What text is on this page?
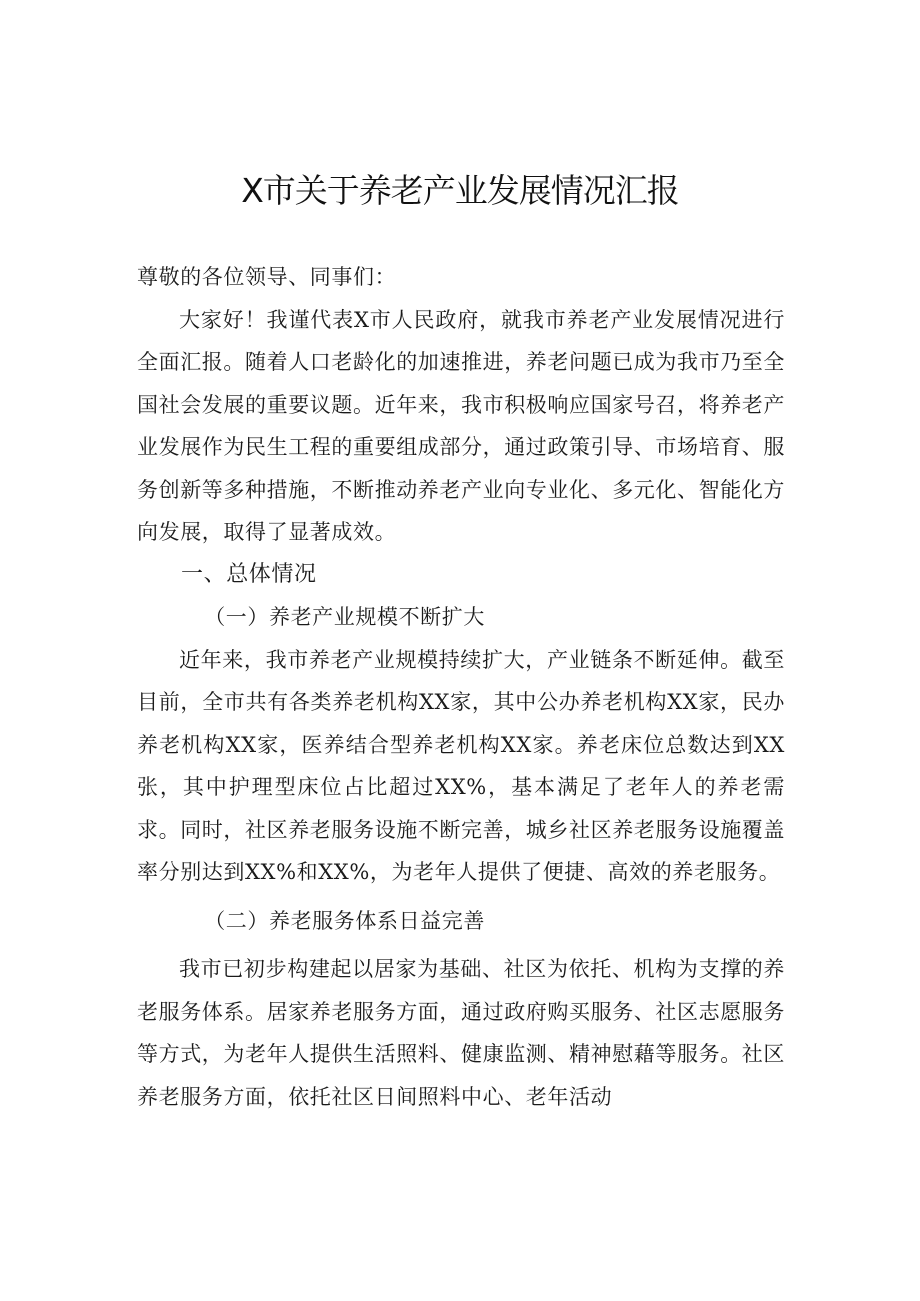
X市关于养老产业发展情况汇报

尊敬的各位领导、同事们：

大家好！我谨代表X市人民政府，就我市养老产业发展情况进行全面汇报。随着人口老龄化的加速推进，养老问题已成为我市乃至全国社会发展的重要议题。近年来，我市积极响应国家号召，将养老产业发展作为民生工程的重要组成部分，通过政策引导、市场培育、服务创新等多种措施，不断推动养老产业向专业化、多元化、智能化方向发展，取得了显著成效。

一、总体情况

（一）养老产业规模不断扩大

近年来，我市养老产业规模持续扩大，产业链条不断延伸。截至目前，全市共有各类养老机构XX家，其中公办养老机构XX家，民办养老机构XX家，医养结合型养老机构XX家。养老床位总数达到XX张，其中护理型床位占比超过XX%，基本满足了老年人的养老需求。同时，社区养老服务设施不断完善，城乡社区养老服务设施覆盖率分别达到XX%和XX%，为老年人提供了便捷、高效的养老服务。

（二）养老服务体系日益完善

我市已初步构建起以居家为基础、社区为依托、机构为支撑的养老服务体系。居家养老服务方面，通过政府购买服务、社区志愿服务等方式，为老年人提供生活照料、健康监测、精神慰藉等服务。社区养老服务方面，依托社区日间照料中心、老年活动
